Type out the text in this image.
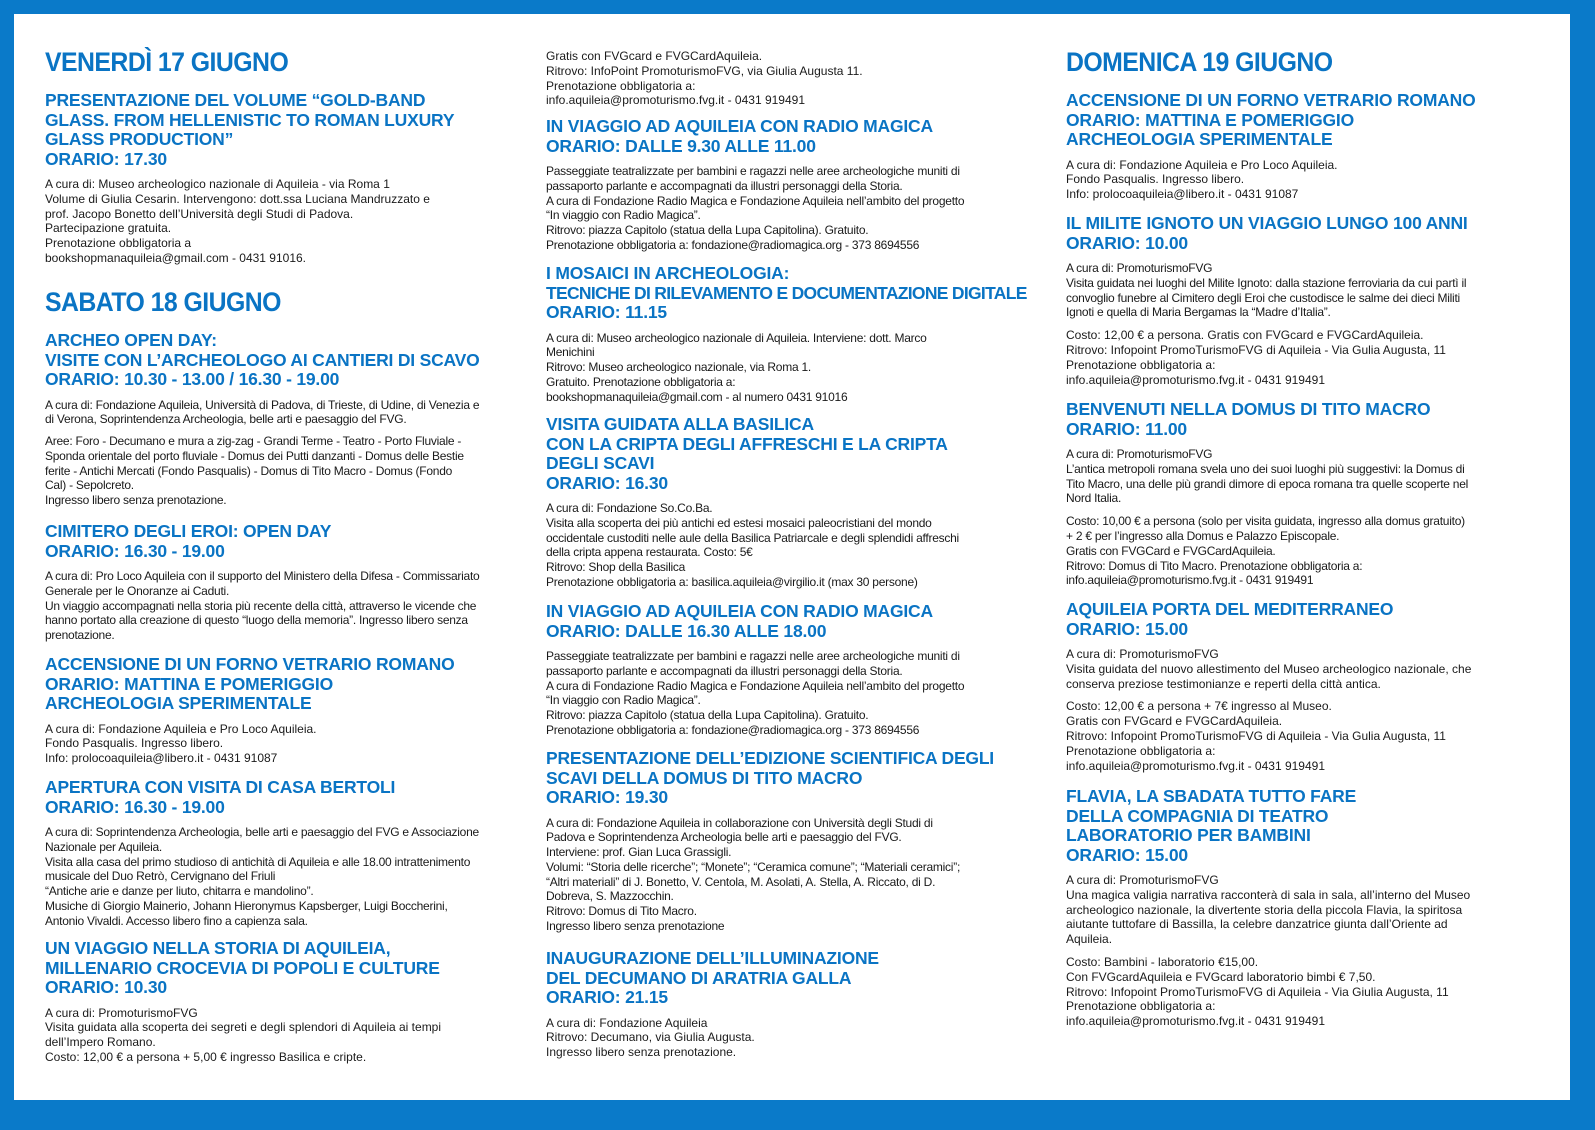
VENERDÌ 17 GIUGNO
PRESENTAZIONE DEL VOLUME “GOLD-BAND
GLASS. FROM HELLENISTIC TO ROMAN LUXURY
GLASS PRODUCTION”
ORARIO: 17.30

A cura di: Museo archeologico nazionale di Aquileia - via Roma 1

Volume di Giulia Cesarin. Intervengono: dott.ssa Luciana Mandruzzato e

prof. Jacopo Bonetto dell’Università degli Studi di Padova.

Partecipazione gratuita.

Prenotazione obbligatoria a

bookshopmanaquileia@gmail.com - 0431 91016.

SABATO 18 GIUGNO
ARCHEO OPEN DAY:
VISITE CON L’ARCHEOLOGO AI CANTIERI DI SCAVO
ORARIO: 10.30 - 13.00 / 16.30 - 19.00

A cura di: Fondazione Aquileia, Università di Padova, di Trieste, di Udine, di Venezia e

di Verona, Soprintendenza Archeologia, belle arti e paesaggio del FVG.

Aree: Foro - Decumano e mura a zig-zag - Grandi Terme - Teatro - Porto Fluviale -

Sponda orientale del porto fluviale - Domus dei Putti danzanti - Domus delle Bestie

ferite - Antichi Mercati (Fondo Pasqualis) - Domus di Tito Macro - Domus (Fondo

Cal) - Sepolcreto.

Ingresso libero senza prenotazione.

CIMITERO DEGLI EROI: OPEN DAY
ORARIO: 16.30 - 19.00

A cura di: Pro Loco Aquileia con il supporto del Ministero della Difesa - Commissariato

Generale per le Onoranze ai Caduti.

Un viaggio accompagnati nella storia più recente della città, attraverso le vicende che

hanno portato alla creazione di questo “luogo della memoria”. Ingresso libero senza

prenotazione.

ACCENSIONE DI UN FORNO VETRARIO ROMANO
ORARIO: MATTINA E POMERIGGIO
ARCHEOLOGIA SPERIMENTALE

A cura di: Fondazione Aquileia e Pro Loco Aquileia.

Fondo Pasqualis. Ingresso libero.

Info: prolocoaquileia@libero.it - 0431 91087

APERTURA CON VISITA DI CASA BERTOLI
ORARIO: 16.30 - 19.00

A cura di: Soprintendenza Archeologia, belle arti e paesaggio del FVG e Associazione

Nazionale per Aquileia.

Visita alla casa del primo studioso di antichità di Aquileia e alle 18.00 intrattenimento

musicale del Duo Retrò, Cervignano del Friuli

“Antiche arie e danze per liuto, chitarra e mandolino”.

Musiche di Giorgio Mainerio, Johann Hieronymus Kapsberger, Luigi Boccherini,

Antonio Vivaldi. Accesso libero fino a capienza sala.

UN VIAGGIO NELLA STORIA DI AQUILEIA,
MILLENARIO CROCEVIA DI POPOLI E CULTURE
ORARIO: 10.30

A cura di: PromoturismoFVG

Visita guidata alla scoperta dei segreti e degli splendori di Aquileia ai tempi

dell’Impero Romano.

Costo: 12,00 € a persona + 5,00 € ingresso Basilica e cripte.

Gratis con FVGcard e FVGCardAquileia.

Ritrovo: InfoPoint PromoturismoFVG, via Giulia Augusta 11.

Prenotazione obbligatoria a:

info.aquileia@promoturismo.fvg.it - 0431 919491

IN VIAGGIO AD AQUILEIA CON RADIO MAGICA
ORARIO: DALLE 9.30 ALLE 11.00

Passeggiate teatralizzate per bambini e ragazzi nelle aree archeologiche muniti di

passaporto parlante e accompagnati da illustri personaggi della Storia.

A cura di Fondazione Radio Magica e Fondazione Aquileia nell’ambito del progetto

“In viaggio con Radio Magica”.

Ritrovo: piazza Capitolo (statua della Lupa Capitolina). Gratuito.

Prenotazione obbligatoria a: fondazione@radiomagica.org - 373 8694556

I MOSAICI IN ARCHEOLOGIA:
TECNICHE DI RILEVAMENTO E DOCUMENTAZIONE DIGITALE
ORARIO: 11.15

A cura di: Museo archeologico nazionale di Aquileia. Interviene: dott. Marco

Menichini

Ritrovo: Museo archeologico nazionale, via Roma 1.

Gratuito. Prenotazione obbligatoria a:

bookshopmanaquileia@gmail.com - al numero 0431 91016

VISITA GUIDATA ALLA BASILICA
CON LA CRIPTA DEGLI AFFRESCHI E LA CRIPTA
DEGLI SCAVI
ORARIO: 16.30

A cura di: Fondazione So.Co.Ba.

Visita alla scoperta dei più antichi ed estesi mosaici paleocristiani del mondo

occidentale custoditi nelle aule della Basilica Patriarcale e degli splendidi affreschi

della cripta appena restaurata. Costo: 5€

Ritrovo: Shop della Basilica

Prenotazione obbligatoria a: basilica.aquileia@virgilio.it (max 30 persone)

IN VIAGGIO AD AQUILEIA CON RADIO MAGICA
ORARIO: DALLE 16.30 ALLE 18.00

Passeggiate teatralizzate per bambini e ragazzi nelle aree archeologiche muniti di

passaporto parlante e accompagnati da illustri personaggi della Storia.

A cura di Fondazione Radio Magica e Fondazione Aquileia nell’ambito del progetto

“In viaggio con Radio Magica”.

Ritrovo: piazza Capitolo (statua della Lupa Capitolina). Gratuito.

Prenotazione obbligatoria a: fondazione@radiomagica.org - 373 8694556

PRESENTAZIONE DELL’EDIZIONE SCIENTIFICA DEGLI
SCAVI DELLA DOMUS DI TITO MACRO
ORARIO: 19.30

A cura di: Fondazione Aquileia in collaborazione con Università degli Studi di

Padova e Soprintendenza Archeologia belle arti e paesaggio del FVG.

Interviene: prof. Gian Luca Grassigli.

Volumi: “Storia delle ricerche”; “Monete”; “Ceramica comune”; “Materiali ceramici”;

“Altri materiali” di J. Bonetto, V. Centola, M. Asolati, A. Stella, A. Riccato, di D.

Dobreva, S. Mazzocchin.

Ritrovo: Domus di Tito Macro.

Ingresso libero senza prenotazione

INAUGURAZIONE DELL’ILLUMINAZIONE
DEL DECUMANO DI ARATRIA GALLA
ORARIO: 21.15

A cura di: Fondazione Aquileia

Ritrovo: Decumano, via Giulia Augusta.

Ingresso libero senza prenotazione.

DOMENICA 19 GIUGNO
ACCENSIONE DI UN FORNO VETRARIO ROMANO
ORARIO: MATTINA E POMERIGGIO
ARCHEOLOGIA SPERIMENTALE

A cura di: Fondazione Aquileia e Pro Loco Aquileia.

Fondo Pasqualis. Ingresso libero.

Info: prolocoaquileia@libero.it - 0431 91087

IL MILITE IGNOTO UN VIAGGIO LUNGO 100 ANNI
ORARIO: 10.00

A cura di: PromoturismoFVG

Visita guidata nei luoghi del Milite Ignoto: dalla stazione ferroviaria da cui partì il

convoglio funebre al Cimitero degli Eroi che custodisce le salme dei dieci Militi

Ignoti e quella di Maria Bergamas la “Madre d’Italia”.

Costo: 12,00 € a persona. Gratis con FVGcard e FVGCardAquileia.

Ritrovo: Infopoint PromoTurismoFVG di Aquileia - Via Gulia Augusta, 11

Prenotazione obbligatoria a:

info.aquileia@promoturismo.fvg.it - 0431 919491

BENVENUTI NELLA DOMUS DI TITO MACRO
ORARIO: 11.00

A cura di: PromoturismoFVG

L’antica metropoli romana svela uno dei suoi luoghi più suggestivi: la Domus di

Tito Macro, una delle più grandi dimore di epoca romana tra quelle scoperte nel

Nord Italia.

Costo: 10,00 € a persona (solo per visita guidata, ingresso alla domus gratuito)

+ 2 € per l’ingresso alla Domus e Palazzo Episcopale.

Gratis con FVGCard e FVGCardAquileia.

Ritrovo: Domus di Tito Macro. Prenotazione obbligatoria a:

info.aquileia@promoturismo.fvg.it - 0431 919491

AQUILEIA PORTA DEL MEDITERRANEO
ORARIO: 15.00

A cura di: PromoturismoFVG

Visita guidata del nuovo allestimento del Museo archeologico nazionale, che

conserva preziose testimonianze e reperti della città antica.

Costo: 12,00 € a persona + 7€ ingresso al Museo.

Gratis con FVGcard e FVGCardAquileia.

Ritrovo: Infopoint PromoTurismoFVG di Aquileia - Via Gulia Augusta, 11

Prenotazione obbligatoria a:

info.aquileia@promoturismo.fvg.it - 0431 919491

FLAVIA, LA SBADATA TUTTO FARE
DELLA COMPAGNIA DI TEATRO
LABORATORIO PER BAMBINI
ORARIO: 15.00

A cura di: PromoturismoFVG

Una magica valigia narrativa racconterà di sala in sala, all’interno del Museo

archeologico nazionale, la divertente storia della piccola Flavia, la spiritosa

aiutante tuttofare di Bassilla, la celebre danzatrice giunta dall’Oriente ad

Aquileia.

Costo: Bambini - laboratorio €15,00.

Con FVGcardAquileia e FVGcard laboratorio bimbi € 7,50.

Ritrovo: Infopoint PromoTurismoFVG di Aquileia - Via Giulia Augusta, 11

Prenotazione obbligatoria a:

info.aquileia@promoturismo.fvg.it - 0431 919491
